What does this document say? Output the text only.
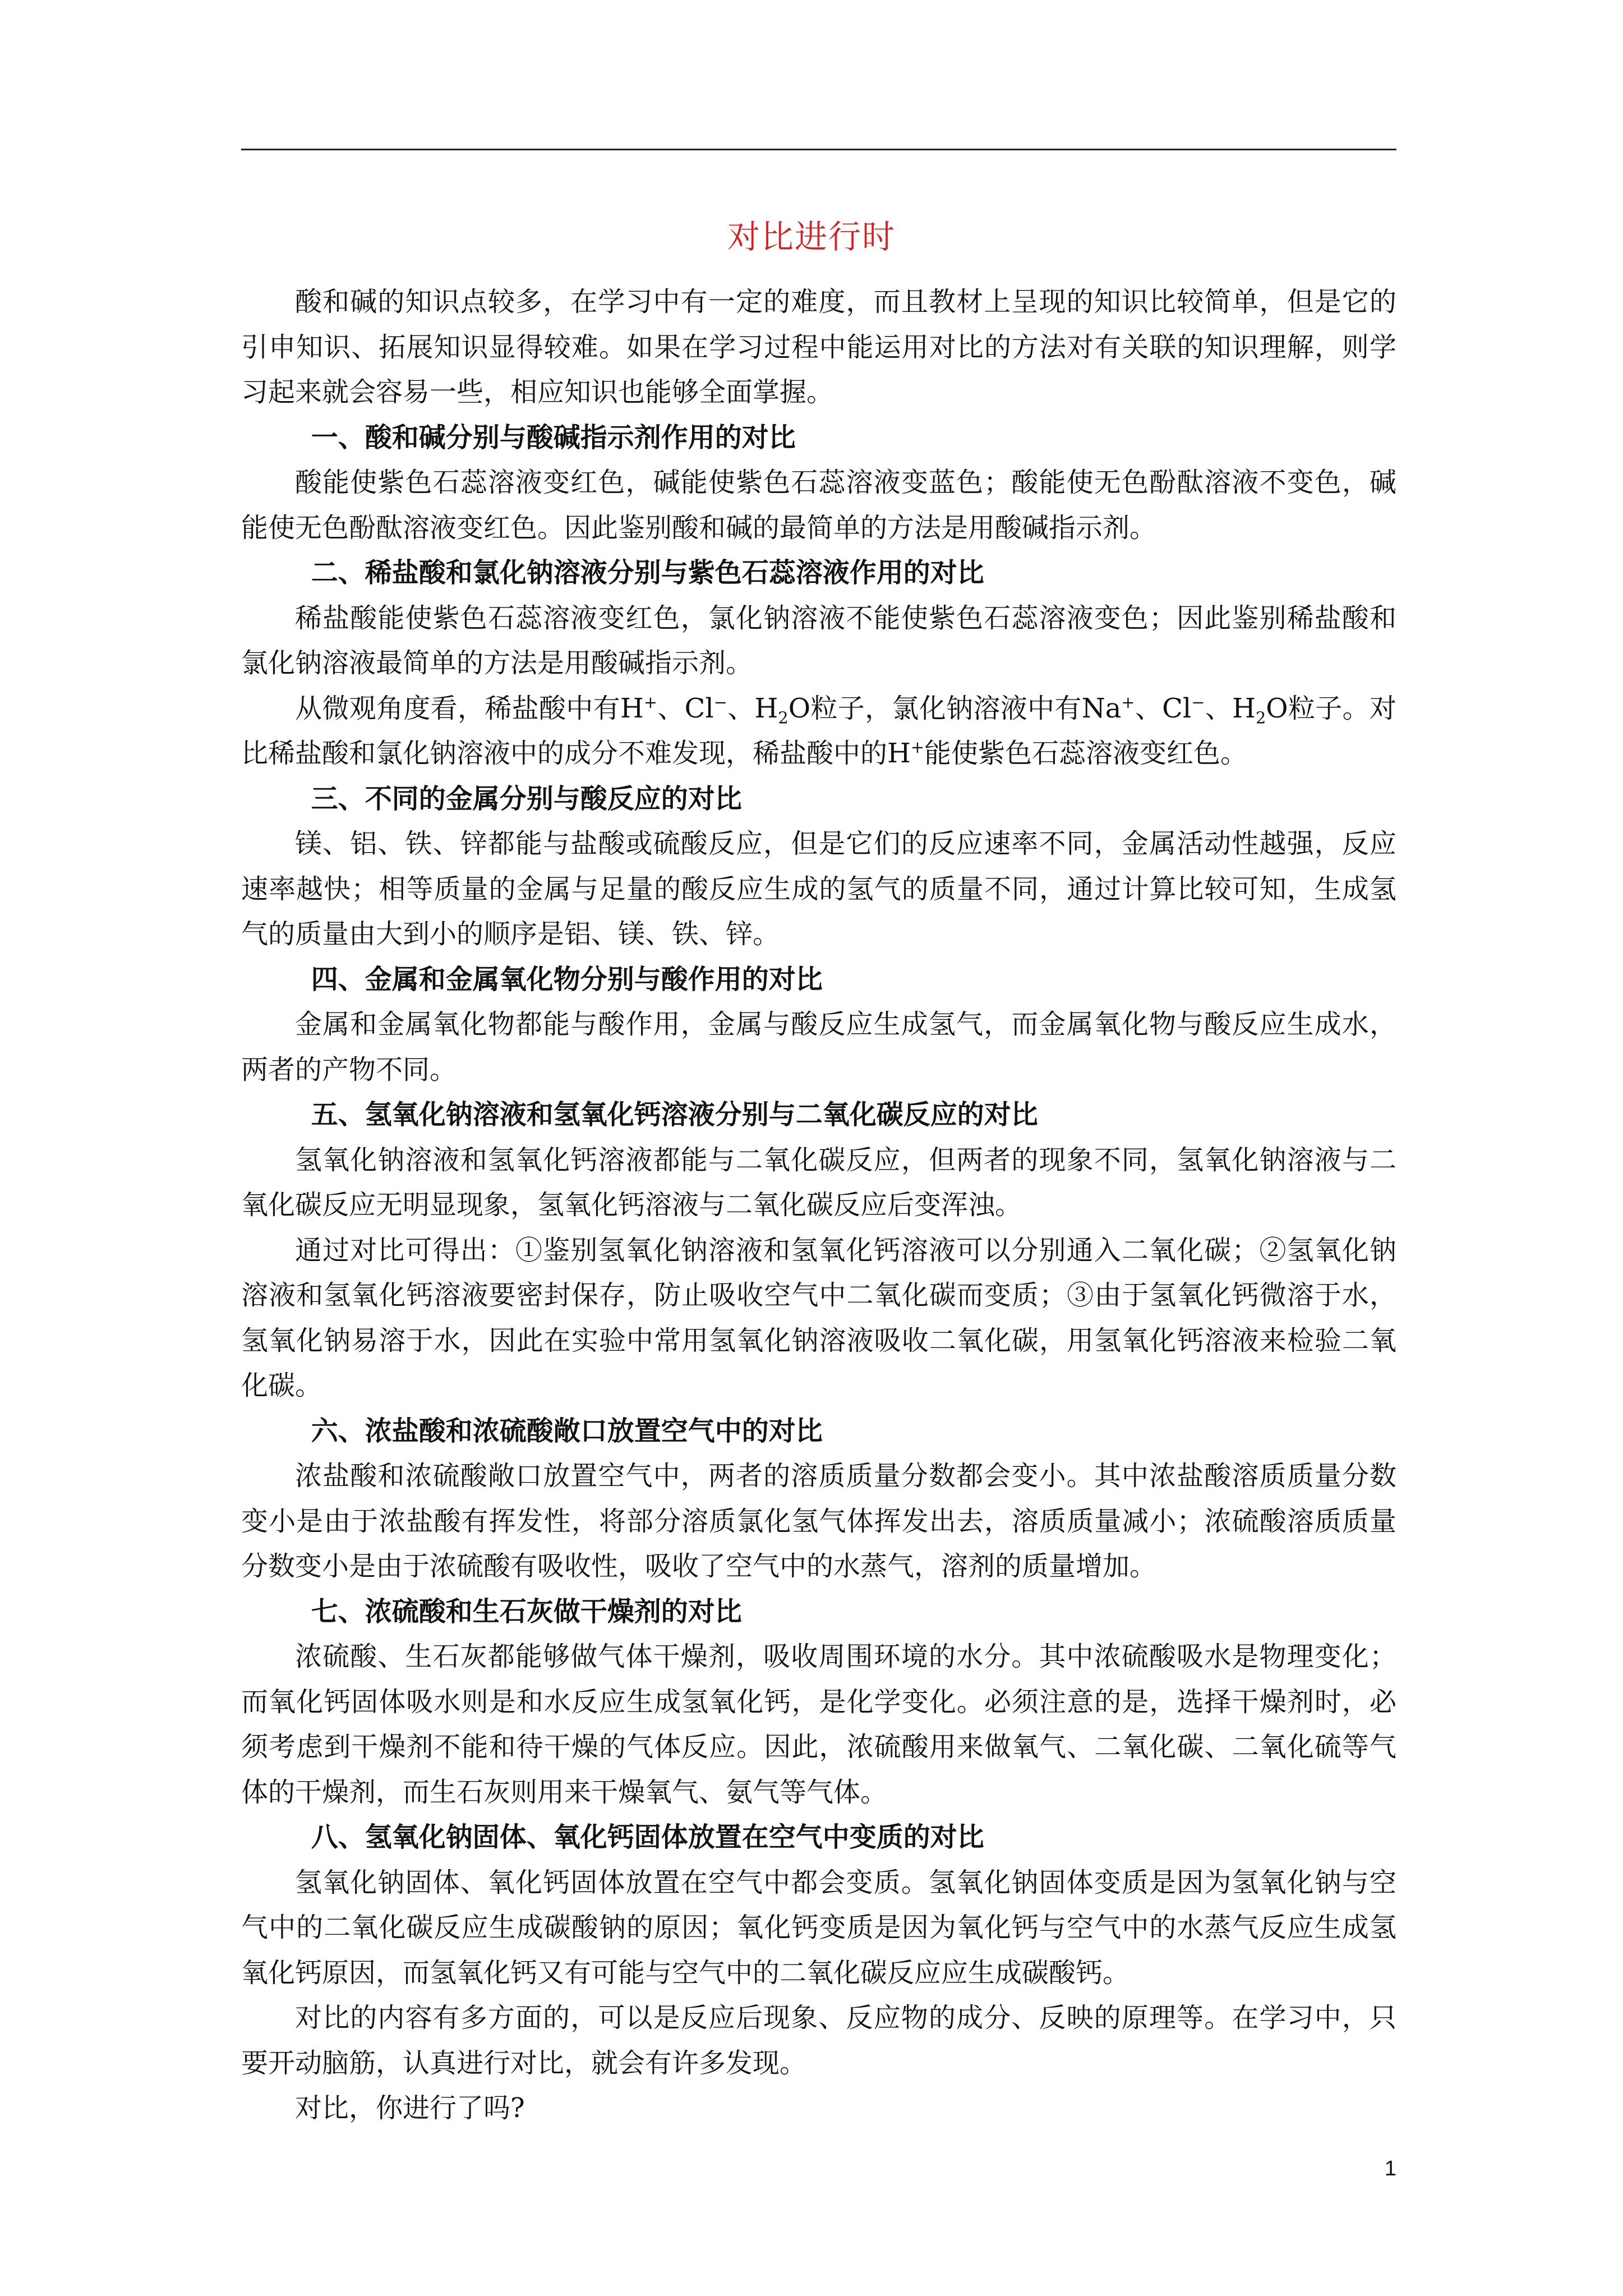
对比进行时

酸和碱的知识点较多，在学习中有一定的难度，而且教材上呈现的知识比较简单，但是它的引申知识、拓展知识显得较难。如果在学习过程中能运用对比的方法对有关联的知识理解，则学习起来就会容易一些，相应知识也能够全面掌握。

一、酸和碱分别与酸碱指示剂作用的对比

酸能使紫色石蕊溶液变红色，碱能使紫色石蕊溶液变蓝色；酸能使无色酚酞溶液不变色，碱能使无色酚酞溶液变红色。因此鉴别酸和碱的最简单的方法是用酸碱指示剂。

二、稀盐酸和氯化钠溶液分别与紫色石蕊溶液作用的对比

稀盐酸能使紫色石蕊溶液变红色，氯化钠溶液不能使紫色石蕊溶液变色；因此鉴别稀盐酸和氯化钠溶液最简单的方法是用酸碱指示剂。

从微观角度看，稀盐酸中有H+、Cl−、$H_2O$粒子，氯化钠溶液中有Na+、Cl−、$H_2O$粒子。对比稀盐酸和氯化钠溶液中的成分不难发现，稀盐酸中的H+能使紫色石蕊溶液变红色。

三、不同的金属分别与酸反应的对比

镁、铝、铁、锌都能与盐酸或硫酸反应，但是它们的反应速率不同，金属活动性越强，反应速率越快；相等质量的金属与足量的酸反应生成的氢气的质量不同，通过计算比较可知，生成氢气的质量由大到小的顺序是铝、镁、铁、锌。

四、金属和金属氧化物分别与酸作用的对比

金属和金属氧化物都能与酸作用，金属与酸反应生成氢气，而金属氧化物与酸反应生成水，两者的产物不同。

五、氢氧化钠溶液和氢氧化钙溶液分别与二氧化碳反应的对比

氢氧化钠溶液和氢氧化钙溶液都能与二氧化碳反应，但两者的现象不同，氢氧化钠溶液与二氧化碳反应无明显现象，氢氧化钙溶液与二氧化碳反应后变浑浊。

通过对比可得出：①鉴别氢氧化钠溶液和氢氧化钙溶液可以分别通入二氧化碳；②氢氧化钠溶液和氢氧化钙溶液要密封保存，防止吸收空气中二氧化碳而变质；③由于氢氧化钙微溶于水，氢氧化钠易溶于水，因此在实验中常用氢氧化钠溶液吸收二氧化碳，用氢氧化钙溶液来检验二氧化碳。

六、浓盐酸和浓硫酸敞口放置空气中的对比

浓盐酸和浓硫酸敞口放置空气中，两者的溶质质量分数都会变小。其中浓盐酸溶质质量分数变小是由于浓盐酸有挥发性，将部分溶质氯化氢气体挥发出去，溶质质量减小；浓硫酸溶质质量分数变小是由于浓硫酸有吸收性，吸收了空气中的水蒸气，溶剂的质量增加。

七、浓硫酸和生石灰做干燥剂的对比

浓硫酸、生石灰都能够做气体干燥剂，吸收周围环境的水分。其中浓硫酸吸水是物理变化；而氧化钙固体吸水则是和水反应生成氢氧化钙，是化学变化。必须注意的是，选择干燥剂时，必须考虑到干燥剂不能和待干燥的气体反应。因此，浓硫酸用来做氧气、二氧化碳、二氧化硫等气体的干燥剂，而生石灰则用来干燥氧气、氨气等气体。

八、氢氧化钠固体、氧化钙固体放置在空气中变质的对比

氢氧化钠固体、氧化钙固体放置在空气中都会变质。氢氧化钠固体变质是因为氢氧化钠与空气中的二氧化碳反应生成碳酸钠的原因；氧化钙变质是因为氧化钙与空气中的水蒸气反应生成氢氧化钙原因，而氢氧化钙又有可能与空气中的二氧化碳反应应生成碳酸钙。

对比的内容有多方面的，可以是反应后现象、反应物的成分、反映的原理等。在学习中，只要开动脑筋，认真进行对比，就会有许多发现。

对比，你进行了吗?

1
